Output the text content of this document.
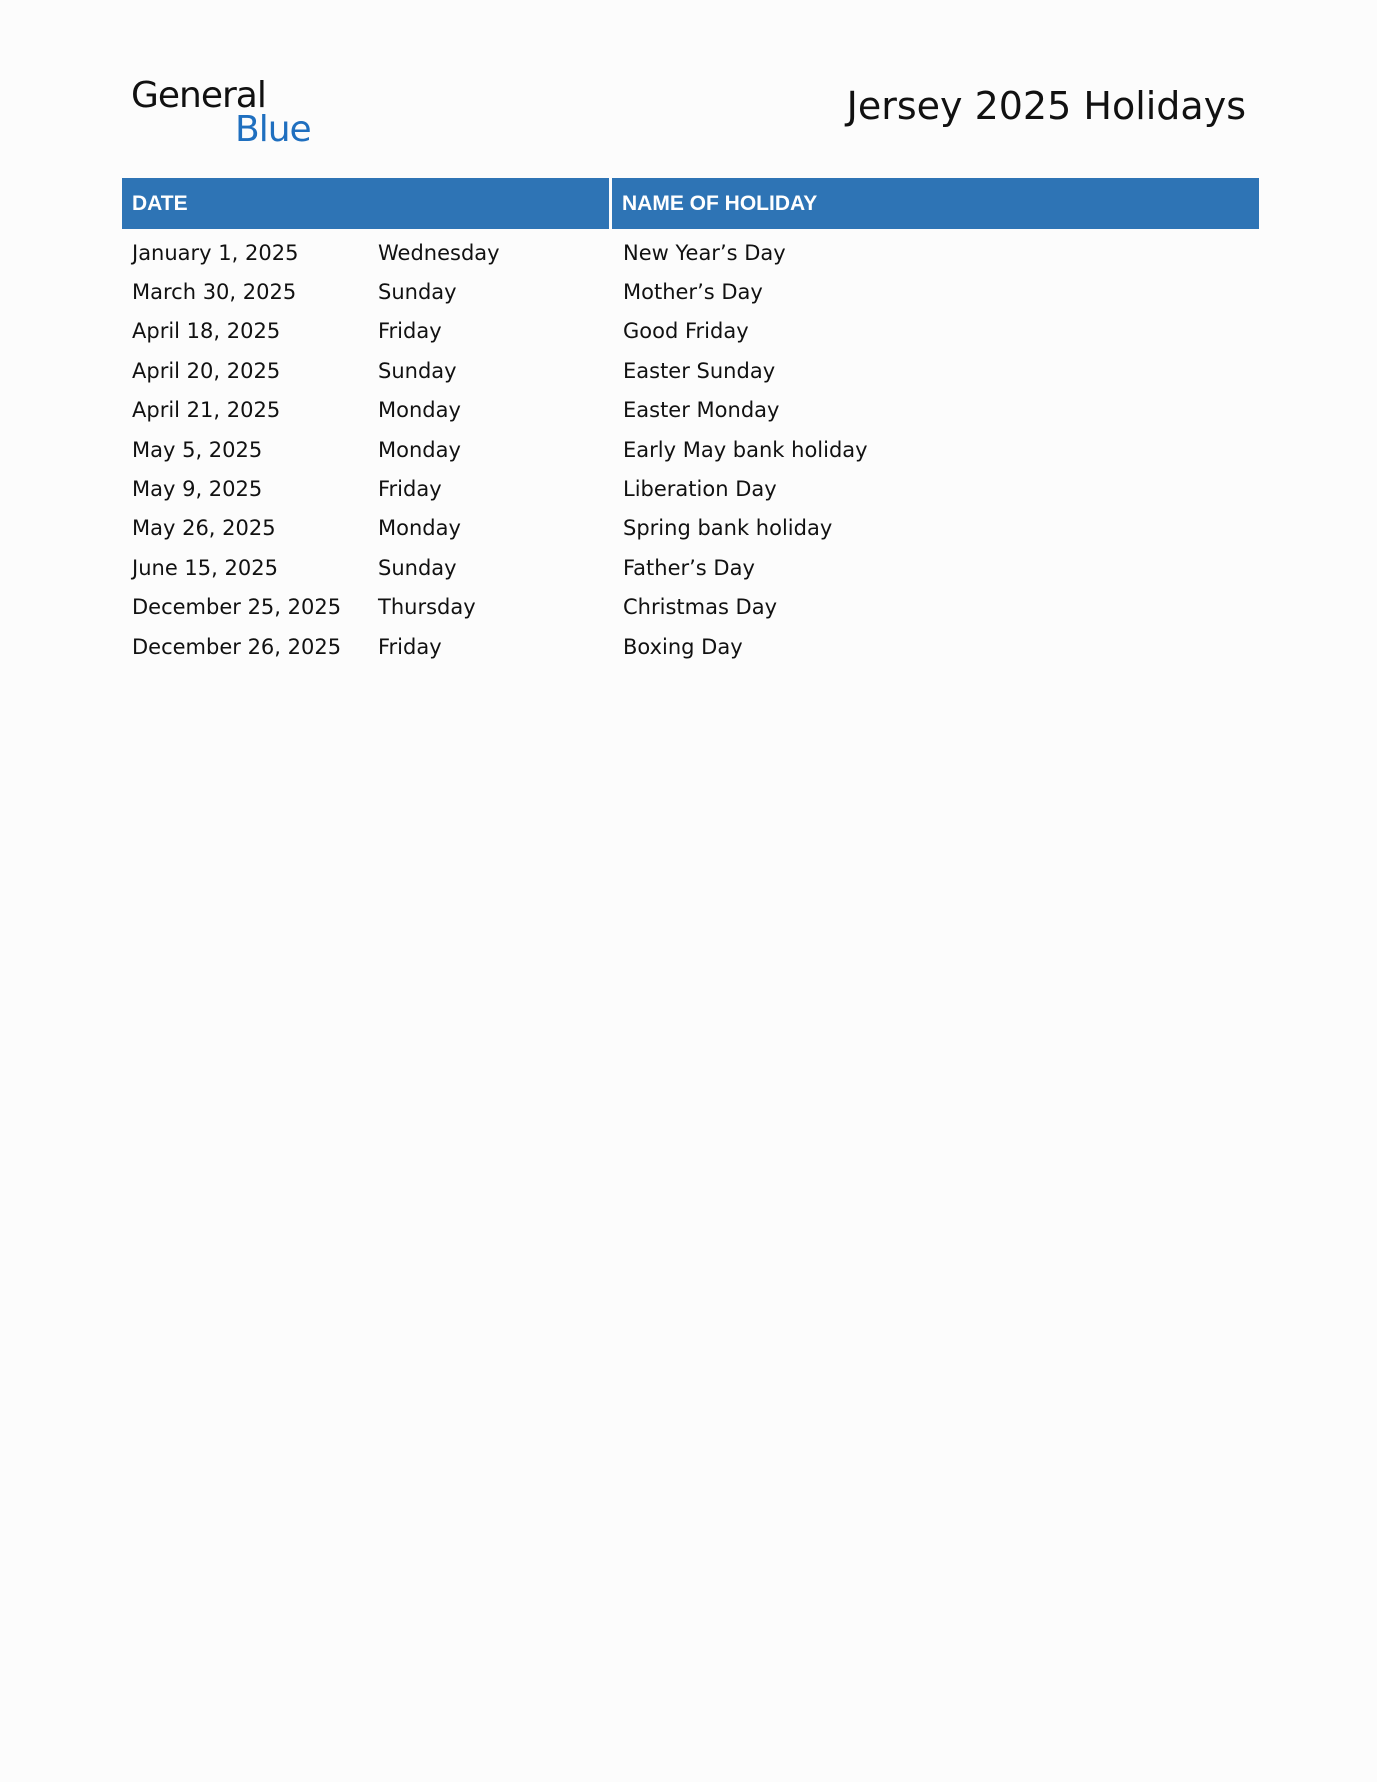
General
Blue
Jersey 2025 Holidays
DATE	NAME OF HOLIDAY
January 1, 2025	Wednesday	New Year’s Day
March 30, 2025	Sunday	Mother’s Day
April 18, 2025	Friday	Good Friday
April 20, 2025	Sunday	Easter Sunday
April 21, 2025	Monday	Easter Monday
May 5, 2025	Monday	Early May bank holiday
May 9, 2025	Friday	Liberation Day
May 26, 2025	Monday	Spring bank holiday
June 15, 2025	Sunday	Father’s Day
December 25, 2025	Thursday	Christmas Day
December 26, 2025	Friday	Boxing Day
